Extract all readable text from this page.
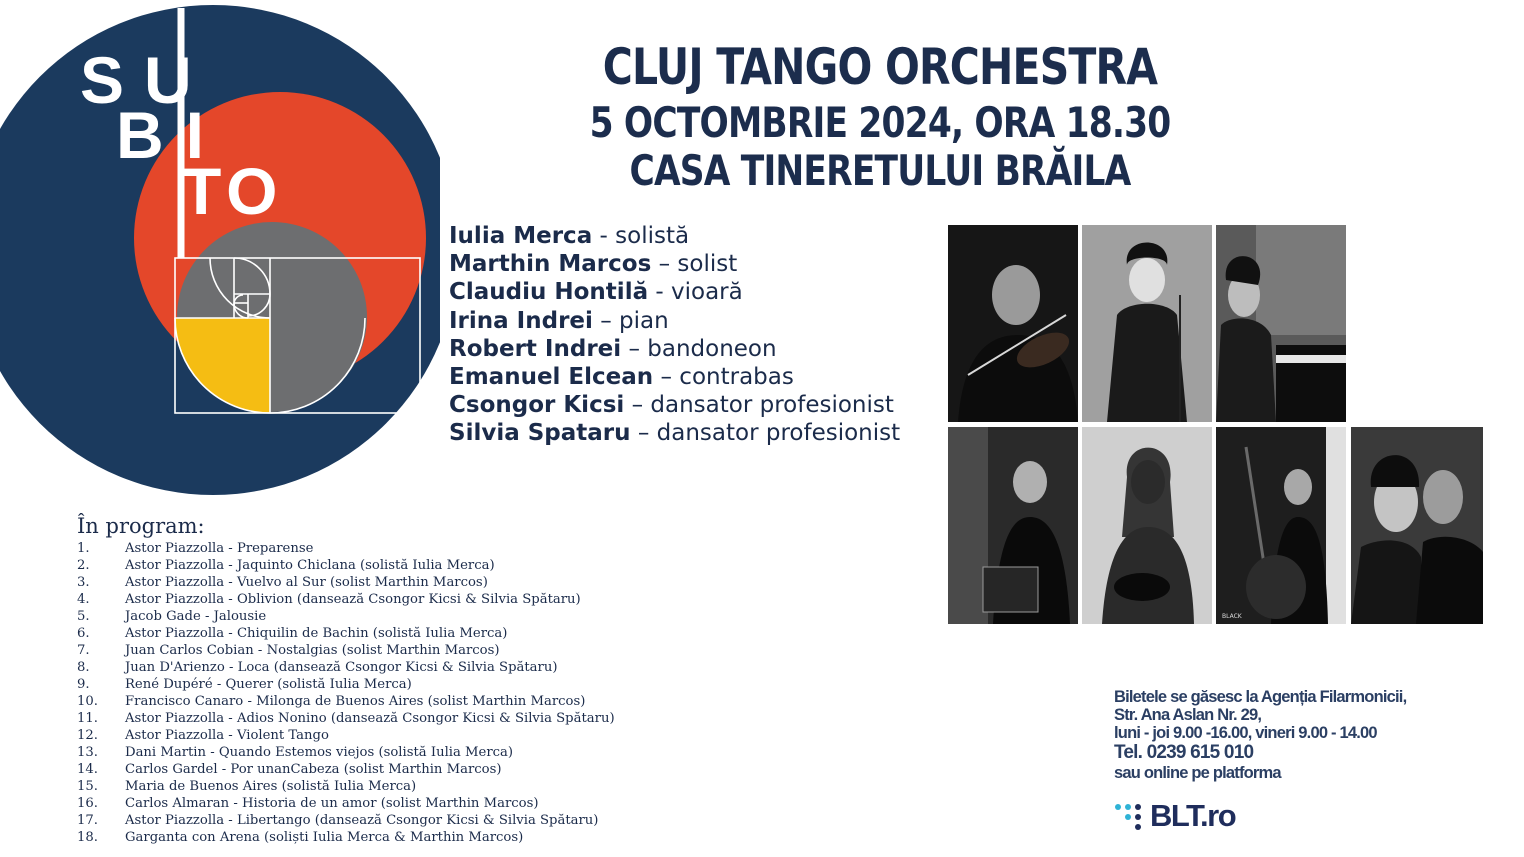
SU
BI
TO
CLUJ TANGO ORCHESTRA
5 OCTOMBRIE 2024, ORA 18.30
CASA TINERETULUI BRĂILA
Iulia Merca - solistă
Marthin Marcos – solist
Claudiu Hontilă - vioară
Irina Indrei – pian
Robert Indrei – bandoneon
Emanuel Elcean – contrabas
Csongor Kicsi – dansator profesionist
Silvia Spataru – dansator profesionist
BLACK
În program:
1.	Astor Piazzolla - Preparense
2.	Astor Piazzolla - Jaquinto Chiclana (solistă Iulia Merca)
3.	Astor Piazzolla - Vuelvo al Sur (solist Marthin Marcos)
4.	Astor Piazzolla - Oblivion (dansează Csongor Kicsi & Silvia Spătaru)
5.	Jacob Gade - Jalousie
6.	Astor Piazzolla - Chiquilin de Bachin (solistă Iulia Merca)
7.	Juan Carlos Cobian - Nostalgias (solist Marthin Marcos)
8.	Juan D'Arienzo - Loca (dansează Csongor Kicsi & Silvia Spătaru)
9.	René Dupéré - Querer (solistă Iulia Merca)
10. Francisco Canaro - Milonga de Buenos Aires (solist Marthin Marcos)
11. Astor Piazzolla - Adios Nonino (dansează Csongor Kicsi & Silvia Spătaru)
12. Astor Piazzolla - Violent Tango
13. Dani Martin - Quando Estemos viejos (solistă Iulia Merca)
14. Carlos Gardel - Por unanCabeza (solist Marthin Marcos)
15. Maria de Buenos Aires (solistă Iulia Merca)
16. Carlos Almaran - Historia de un amor (solist Marthin Marcos)
17. Astor Piazzolla - Libertango (dansează Csongor Kicsi & Silvia Spătaru)
18. Garganta con Arena (soliști Iulia Merca & Marthin Marcos)
Biletele se găsesc la Agenția Filarmonicii,
Str. Ana Aslan Nr. 29,
luni - joi 9.00 -16.00, vineri 9.00 - 14.00
Tel. 0239 615 010
sau online pe platforma
BLT.ro
